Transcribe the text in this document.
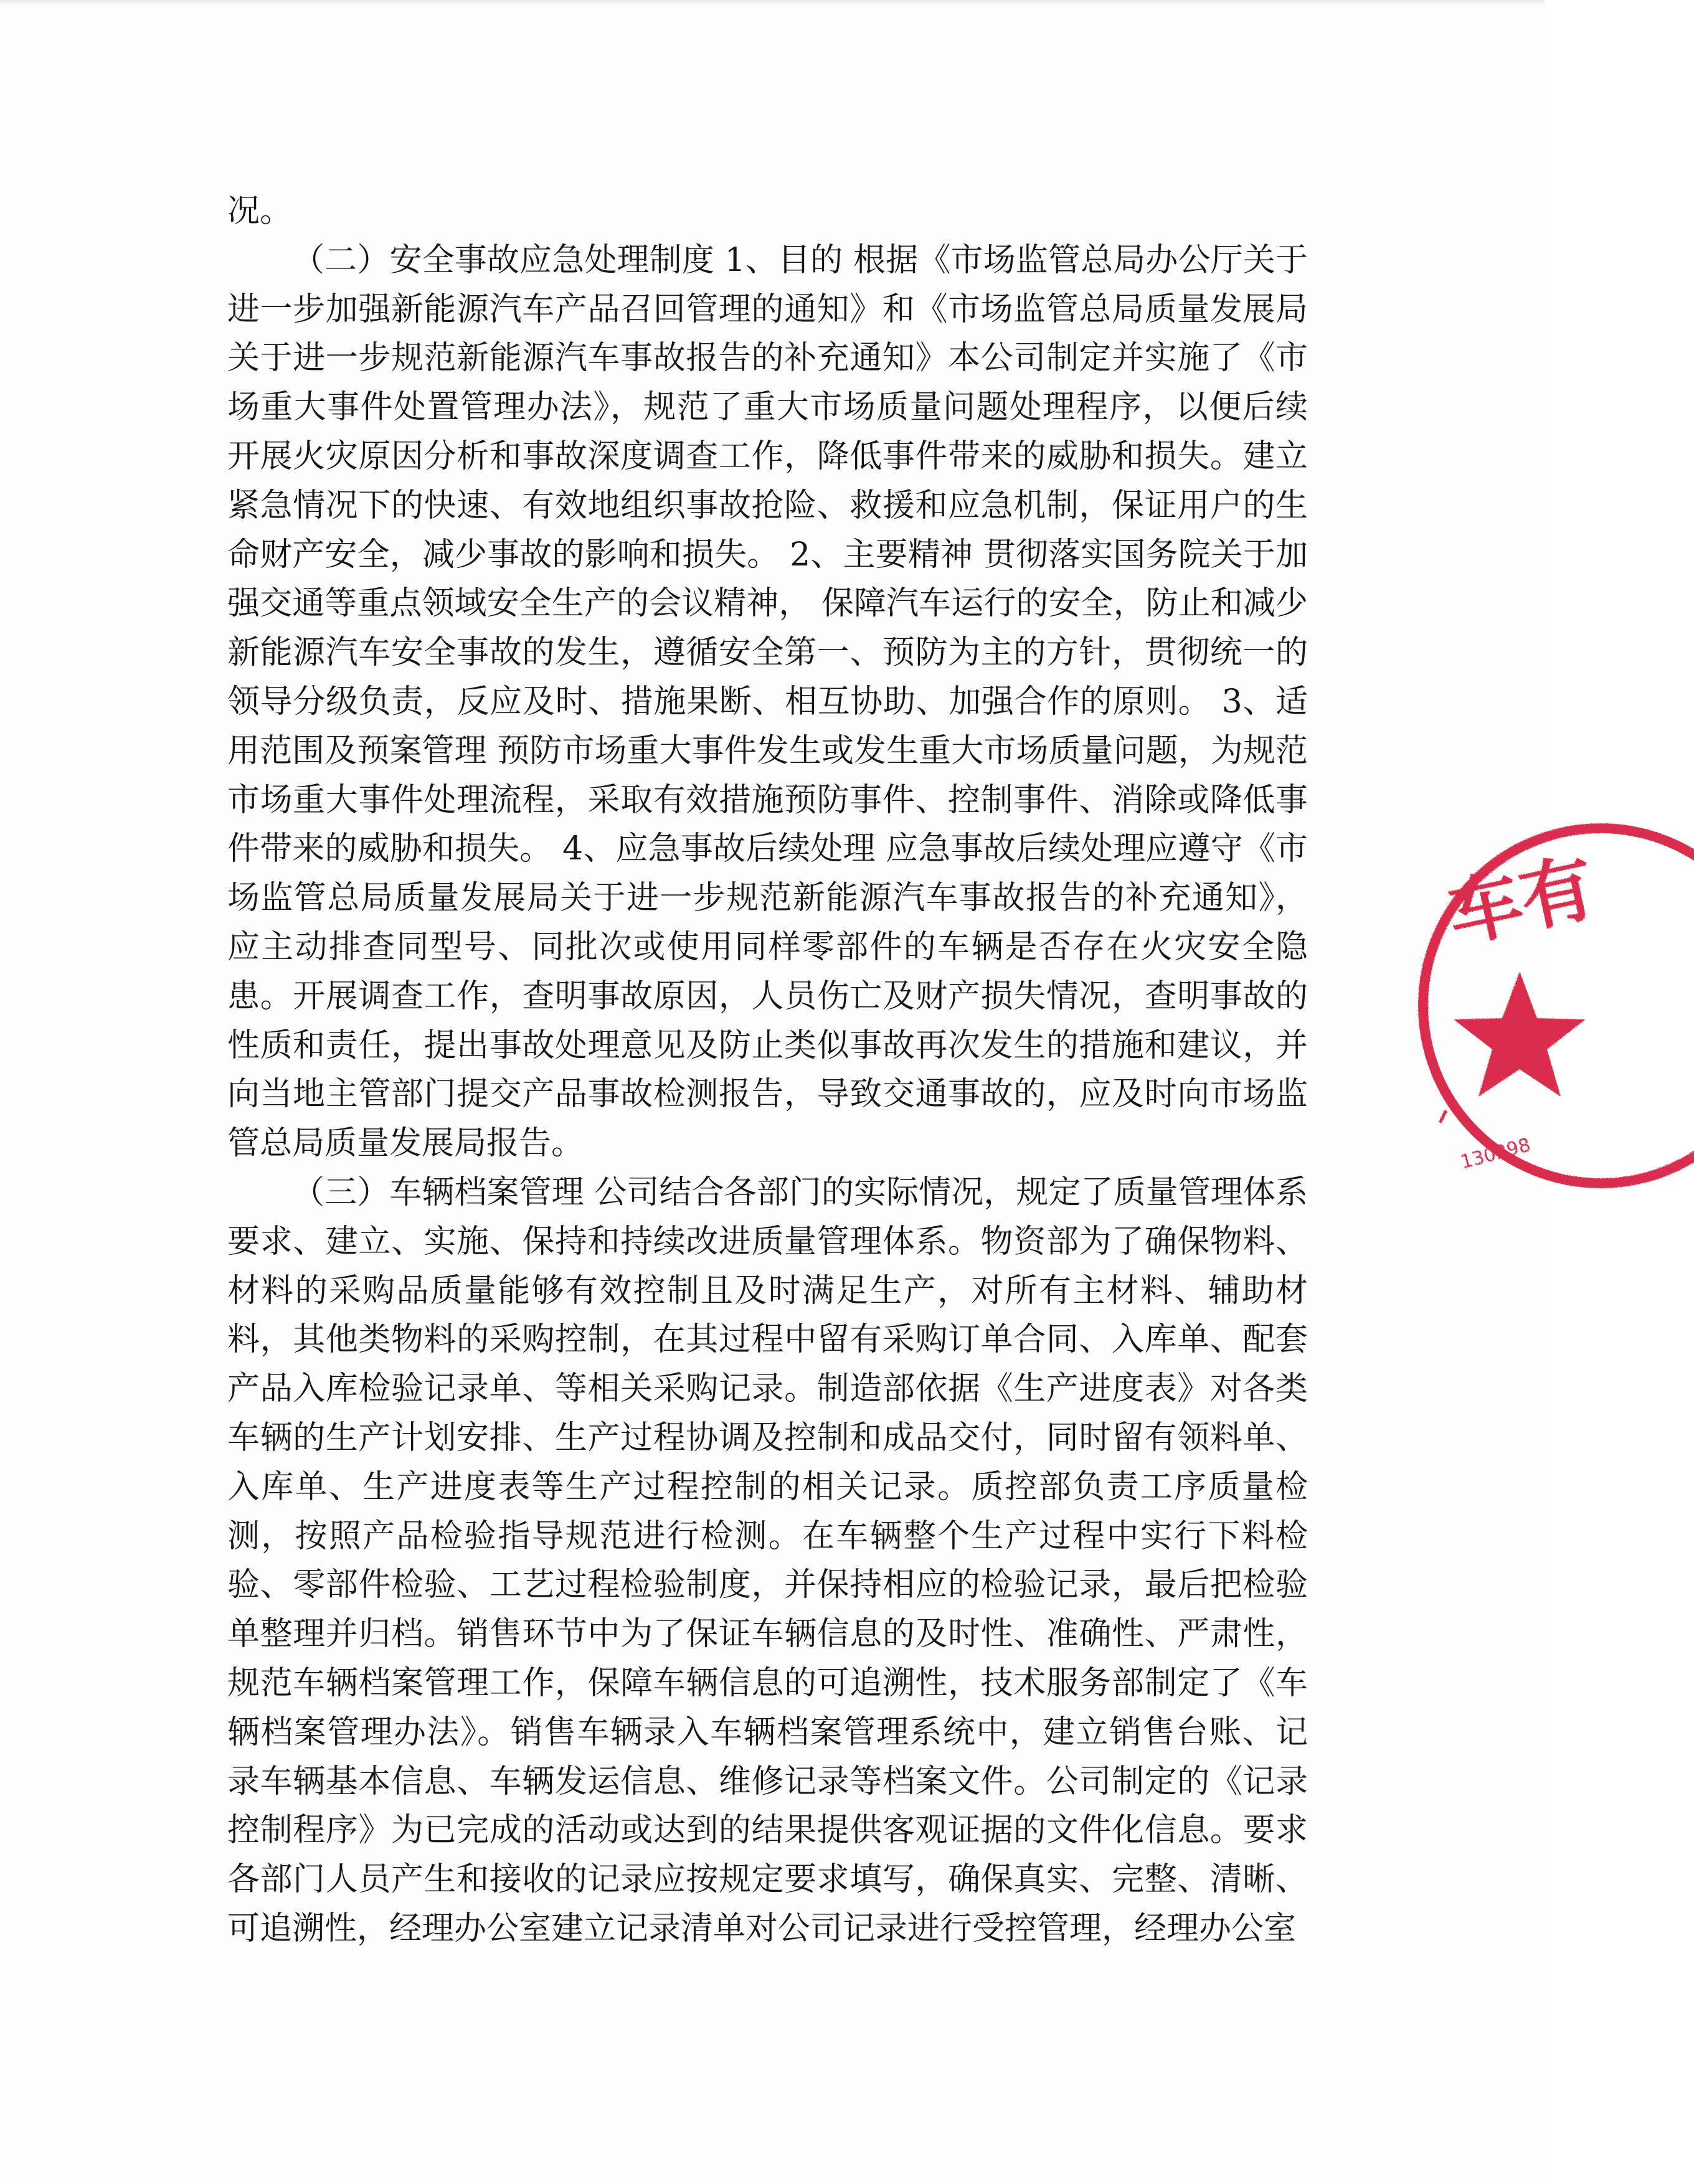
况。

（二）安全事故应急处理制度 1、目的 根据《市场监管总局办公厅关于进一步加强新能源汽车产品召回管理的通知》和《市场监管总局质量发展局关于进一步规范新能源汽车事故报告的补充通知》本公司制定并实施了《市场重大事件处置管理办法》，规范了重大市场质量问题处理程序，以便后续开展火灾原因分析和事故深度调查工作，降低事件带来的威胁和损失。建立紧急情况下的快速、有效地组织事故抢险、救援和应急机制，保证用户的生命财产安全，减少事故的影响和损失。 2、主要精神 贯彻落实国务院关于加强交通等重点领域安全生产的会议精神， 保障汽车运行的安全，防止和减少新能源汽车安全事故的发生，遵循安全第一、预防为主的方针，贯彻统一的领导分级负责，反应及时、措施果断、相互协助、加强合作的原则。 3、适用范围及预案管理 预防市场重大事件发生或发生重大市场质量问题，为规范市场重大事件处理流程，采取有效措施预防事件、控制事件、消除或降低事件带来的威胁和损失。 4、应急事故后续处理 应急事故后续处理应遵守《市场监管总局质量发展局关于进一步规范新能源汽车事故报告的补充通知》，应主动排查同型号、同批次或使用同样零部件的车辆是否存在火灾安全隐患。开展调查工作，查明事故原因，人员伤亡及财产损失情况，查明事故的性质和责任，提出事故处理意见及防止类似事故再次发生的措施和建议，并向当地主管部门提交产品事故检测报告，导致交通事故的，应及时向市场监管总局质量发展局报告。

（三）车辆档案管理 公司结合各部门的实际情况，规定了质量管理体系要求、建立、实施、保持和持续改进质量管理体系。物资部为了确保物料、材料的采购品质量能够有效控制且及时满足生产，对所有主材料、辅助材料，其他类物料的采购控制，在其过程中留有采购订单合同、入库单、配套产品入库检验记录单、等相关采购记录。制造部依据《生产进度表》对各类车辆的生产计划安排、生产过程协调及控制和成品交付，同时留有领料单、入库单、生产进度表等生产过程控制的相关记录。质控部负责工序质量检测，按照产品检验指导规范进行检测。在车辆整个生产过程中实行下料检验、零部件检验、工艺过程检验制度，并保持相应的检验记录，最后把检验单整理并归档。销售环节中为了保证车辆信息的及时性、准确性、严肃性，规范车辆档案管理工作，保障车辆信息的可追溯性，技术服务部制定了《车辆档案管理办法》。销售车辆录入车辆档案管理系统中，建立销售台账、记录车辆基本信息、车辆发运信息、维修记录等档案文件。公司制定的《记录控制程序》为已完成的活动或达到的结果提供客观证据的文件化信息。要求各部门人员产生和接收的记录应按规定要求填写，确保真实、完整、清晰、可追溯性，经理办公室建立记录清单对公司记录进行受控管理，经理办公室

车有
130298
